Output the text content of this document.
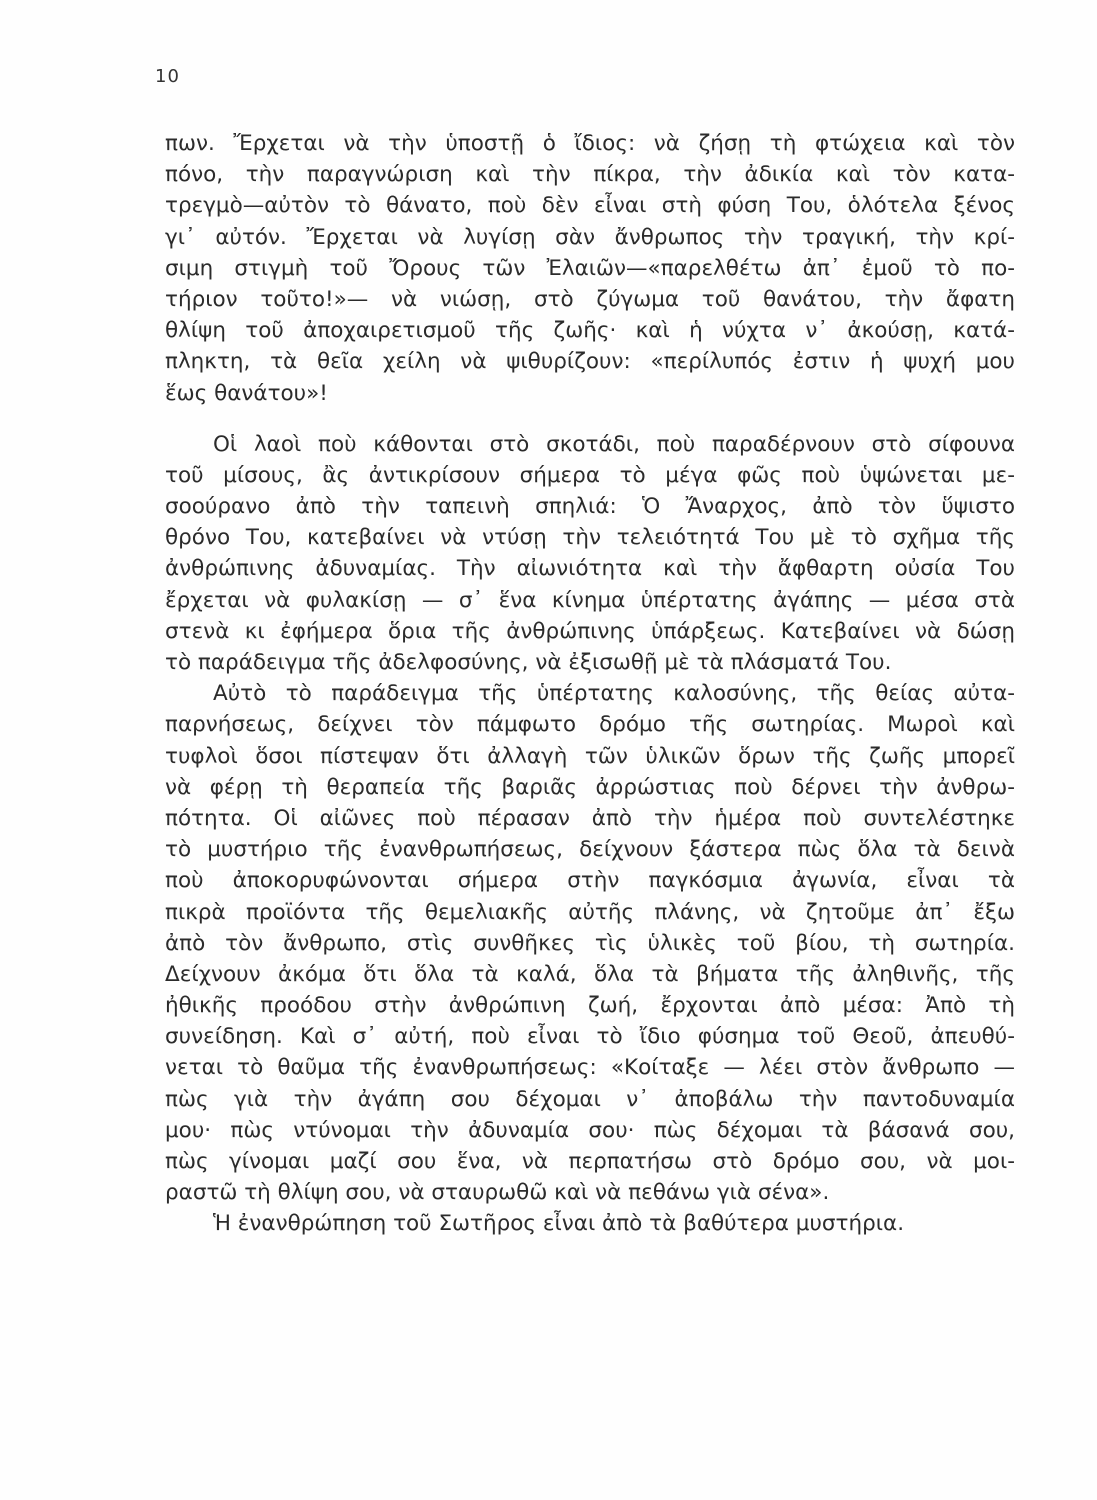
10
πων. Ἔρχεται νὰ τὴν ὑποστῇ ὁ ἴδιος: νὰ ζήσῃ τὴ φτώχεια καὶ τὸν
πόνο, τὴν παραγνώριση καὶ τὴν πίκρα, τὴν ἀδικία καὶ τὸν κατα-
τρεγμὸ—αὐτὸν τὸ θάνατο, ποὺ δὲν εἶναι στὴ φύση Του, ὁλότελα ξένος
γι᾽ αὐτόν. Ἔρχεται νὰ λυγίσῃ σὰν ἄνθρωπος τὴν τραγική, τὴν κρί-
σιμη στιγμὴ τοῦ Ὄρους τῶν Ἐλαιῶν—«παρελθέτω ἀπ᾽ ἐμοῦ τὸ πο-
τήριον τοῦτο!»— νὰ νιώσῃ, στὸ ζύγωμα τοῦ θανάτου, τὴν ἄφατη
θλίψη τοῦ ἀποχαιρετισμοῦ τῆς ζωῆς· καὶ ἡ νύχτα ν᾽ ἀκούσῃ, κατά-
πληκτη, τὰ θεῖα χείλη νὰ ψιθυρίζουν: «περίλυπός ἐστιν ἡ ψυχή μου
ἕως θανάτου»!
Οἱ λαοὶ ποὺ κάθονται στὸ σκοτάδι, ποὺ παραδέρνουν στὸ σίφουνα
τοῦ μίσους, ἂς ἀντικρίσουν σήμερα τὸ μέγα φῶς ποὺ ὑψώνεται με-
σοούρανο ἀπὸ τὴν ταπεινὴ σπηλιά: Ὁ Ἄναρχος, ἀπὸ τὸν ὕψιστο
θρόνο Του, κατεβαίνει νὰ ντύσῃ τὴν τελειότητά Του μὲ τὸ σχῆμα τῆς
ἀνθρώπινης ἀδυναμίας. Τὴν αἰωνιότητα καὶ τὴν ἄφθαρτη οὐσία Του
ἔρχεται νὰ φυλακίσῃ — σ᾽ ἕνα κίνημα ὑπέρτατης ἀγάπης — μέσα στὰ
στενὰ κι ἐφήμερα ὅρια τῆς ἀνθρώπινης ὑπάρξεως. Κατεβαίνει νὰ δώσῃ
τὸ παράδειγμα τῆς ἀδελφοσύνης, νὰ ἐξισωθῇ μὲ τὰ πλάσματά Του.
Αὐτὸ τὸ παράδειγμα τῆς ὑπέρτατης καλοσύνης, τῆς θείας αὐτα-
παρνήσεως, δείχνει τὸν πάμφωτο δρόμο τῆς σωτηρίας. Μωροὶ καὶ
τυφλοὶ ὅσοι πίστεψαν ὅτι ἀλλαγὴ τῶν ὑλικῶν ὅρων τῆς ζωῆς μπορεῖ
νὰ φέρῃ τὴ θεραπεία τῆς βαριᾶς ἀρρώστιας ποὺ δέρνει τὴν ἀνθρω-
πότητα. Οἱ αἰῶνες ποὺ πέρασαν ἀπὸ τὴν ἡμέρα ποὺ συντελέστηκε
τὸ μυστήριο τῆς ἐνανθρωπήσεως, δείχνουν ξάστερα πὼς ὅλα τὰ δεινὰ
ποὺ ἀποκορυφώνονται σήμερα στὴν παγκόσμια ἀγωνία, εἶναι τὰ
πικρὰ προϊόντα τῆς θεμελιακῆς αὐτῆς πλάνης, νὰ ζητοῦμε ἀπ᾽ ἔξω
ἀπὸ τὸν ἄνθρωπο, στὶς συνθῆκες τὶς ὑλικὲς τοῦ βίου, τὴ σωτηρία.
Δείχνουν ἀκόμα ὅτι ὅλα τὰ καλά, ὅλα τὰ βήματα τῆς ἀληθινῆς, τῆς
ἠθικῆς προόδου στὴν ἀνθρώπινη ζωή, ἔρχονται ἀπὸ μέσα: Ἀπὸ τὴ
συνείδηση. Καὶ σ᾽ αὐτή, ποὺ εἶναι τὸ ἴδιο φύσημα τοῦ Θεοῦ, ἀπευθύ-
νεται τὸ θαῦμα τῆς ἐνανθρωπήσεως: «Κοίταξε — λέει στὸν ἄνθρωπο —
πὼς γιὰ τὴν ἀγάπη σου δέχομαι ν᾽ ἀποβάλω τὴν παντοδυναμία
μου· πὼς ντύνομαι τὴν ἀδυναμία σου· πὼς δέχομαι τὰ βάσανά σου,
πὼς γίνομαι μαζί σου ἕνα, νὰ περπατήσω στὸ δρόμο σου, νὰ μοι-
ραστῶ τὴ θλίψη σου, νὰ σταυρωθῶ καὶ νὰ πεθάνω γιὰ σένα».
Ἡ ἐνανθρώπηση τοῦ Σωτῆρος εἶναι ἀπὸ τὰ βαθύτερα μυστήρια.
